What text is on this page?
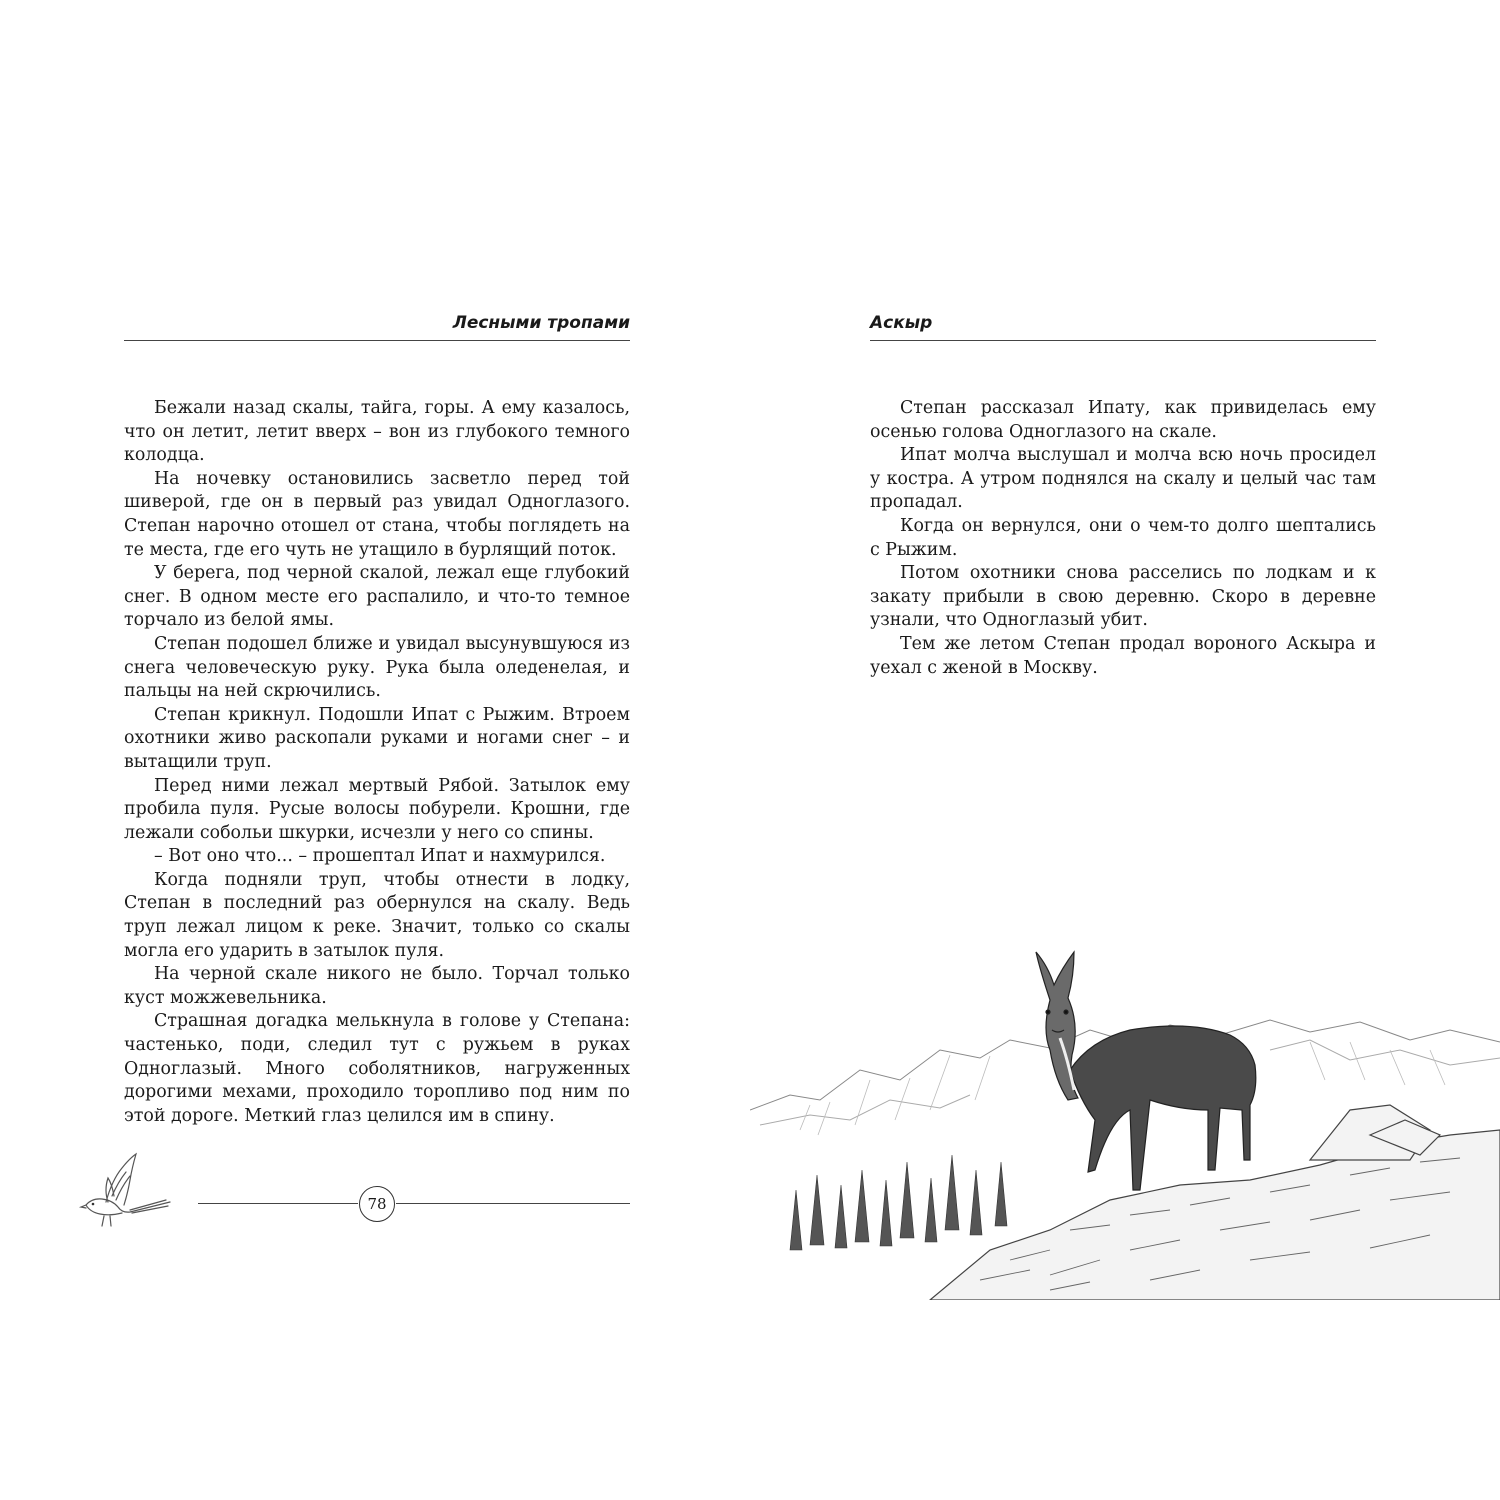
Лесными тропами

Бежали назад скалы, тайга, горы. А ему казалось, что он летит, летит вверх – вон из глубокого темного колодца.

На ночевку остановились засветло перед той шиверой, где он в первый раз увидал Одноглазого. Степан нарочно отошел от стана, чтобы поглядеть на те места, где его чуть не утащило в бурлящий поток.

У берега, под черной скалой, лежал еще глубокий снег. В одном месте его распалило, и что-то темное торчало из белой ямы.

Степан подошел ближе и увидал высунувшуюся из снега человеческую руку. Рука была оледенелая, и пальцы на ней скрючились.

Степан крикнул. Подошли Ипат с Рыжим. Втроем охотники живо раскопали руками и ногами снег – и вытащили труп.

Перед ними лежал мертвый Рябой. Затылок ему пробила пуля. Русые волосы побурели. Крошни, где лежали собольи шкурки, исчезли у него со спины.

– Вот оно что... – прошептал Ипат и нахмурился.

Когда подняли труп, чтобы отнести в лодку, Степан в последний раз обернулся на скалу. Ведь труп лежал лицом к реке. Значит, только со скалы могла его ударить в затылок пуля.

На черной скале никого не было. Торчал только куст можжевельника.

Страшная догадка мелькнула в голове у Степана: частенько, поди, следил тут с ружьем в руках Одноглазый. Много соболятников, нагруженных дорогими мехами, проходило торопливо под ним по этой дороге. Меткий глаз целился им в спину.

78
Аскыр

Степан рассказал Ипату, как привиделась ему осенью голова Одноглазого на скале.

Ипат молча выслушал и молча всю ночь просидел у костра. А утром поднялся на скалу и целый час там пропадал.

Когда он вернулся, они о чем-то долго шептались с Рыжим.

Потом охотники снова расселись по лодкам и к закату прибыли в свою деревню. Скоро в деревне узнали, что Одноглазый убит.

Тем же летом Степан продал вороного Аскыра и уехал с женой в Москву.
